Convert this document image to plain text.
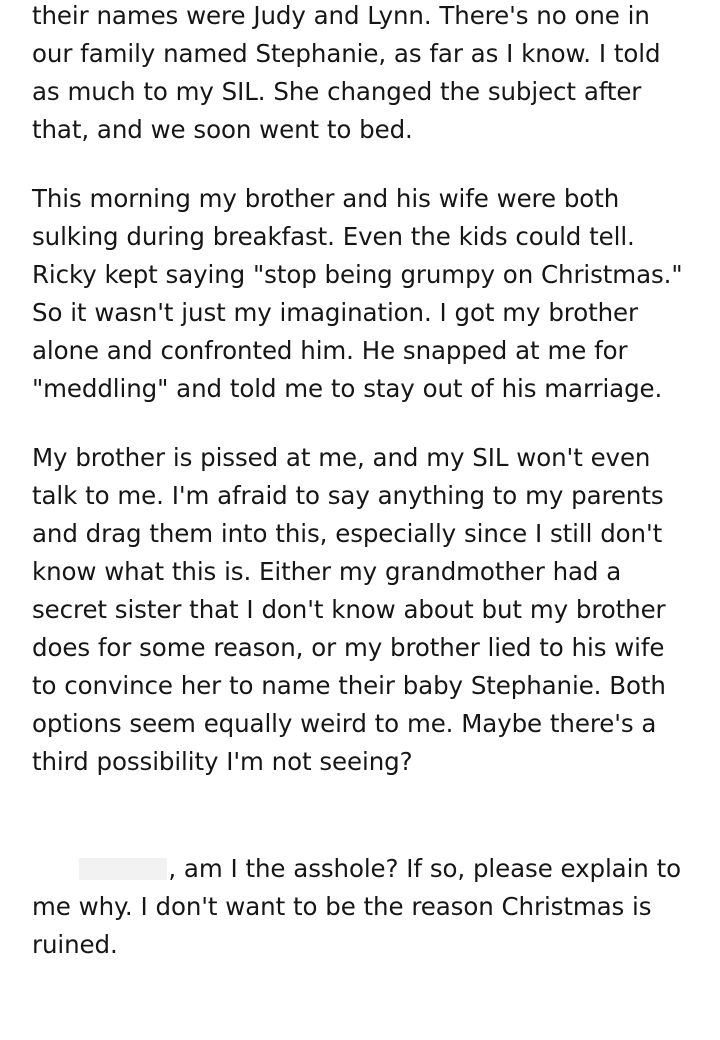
their names were Judy and Lynn. There's no one in our family named Stephanie, as far as I know. I told as much to my SIL. She changed the subject after that, and we soon went to bed.

This morning my brother and his wife were both sulking during breakfast. Even the kids could tell. Ricky kept saying "stop being grumpy on Christmas." So it wasn't just my imagination. I got my brother alone and confronted him. He snapped at me for "meddling" and told me to stay out of his marriage.

My brother is pissed at me, and my SIL won't even talk to me. I'm afraid to say anything to my parents and drag them into this, especially since I still don't know what this is. Either my grandmother had a secret sister that I don't know about but my brother does for some reason, or my brother lied to his wife to convince her to name their baby Stephanie. Both options seem equally weird to me. Maybe there's a third possibility I'm not seeing?

, am I the asshole? If so, please explain to me why. I don't want to be the reason Christmas is ruined.
